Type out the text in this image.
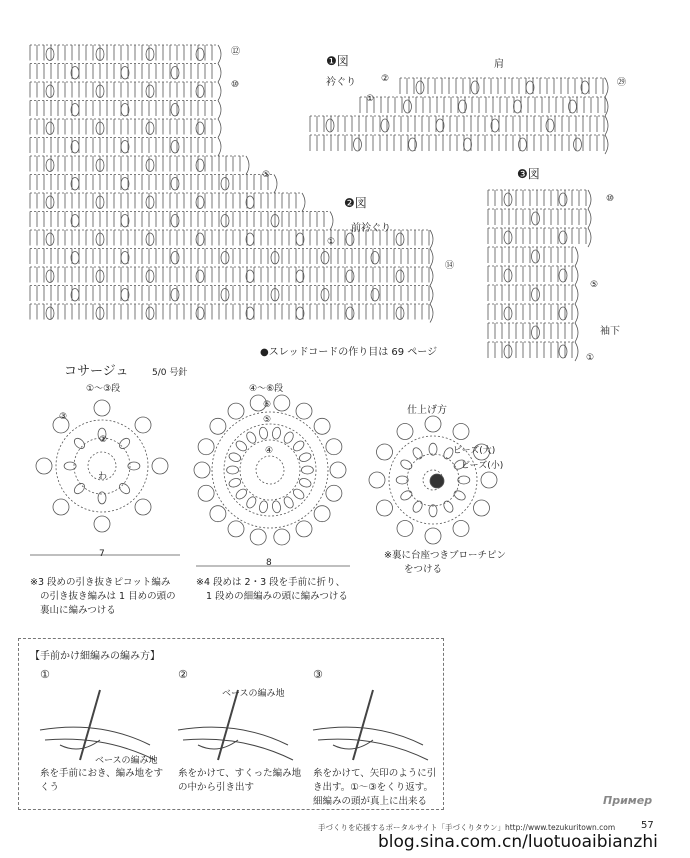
⑫
⑩
⑤
❶図
衿ぐり
肩
②
①
㉙
❷図
前衿ぐり
①
⑭
❸図
⑩
⑤
袖下
①
●スレッドコードの作り目は 69 ページ
コサージュ	5/0 号針
①〜③段
③
②
わ
7
④〜⑥段
⑥
⑤
④
8
仕上げ方
ビーズ(大)
ビーズ(小)
※3 段めの引き抜きピコット編み
の引き抜き編みは 1 目めの頭の
裏山に編みつける
※4 段めは 2・3 段を手前に折り、
1 段めの細編みの頭に編みつける
※裏に台座つきブローチピン
をつける
【手前かけ細編みの編み方】
①	②	③
ベースの編み地
ベースの編み地
糸を手前におき、編み地をす
くう
糸をかけて、すくった編み地
の中から引き出す
糸をかけて、矢印のように引
き出す。①〜③をくり返す。
細編みの頭が真上に出来る	Пример
手づくりを応援するポータルサイト「手づくりタウン」http://www.tezukuritown.com	57
blog.sina.com.cn/luotuoaibianzhi
